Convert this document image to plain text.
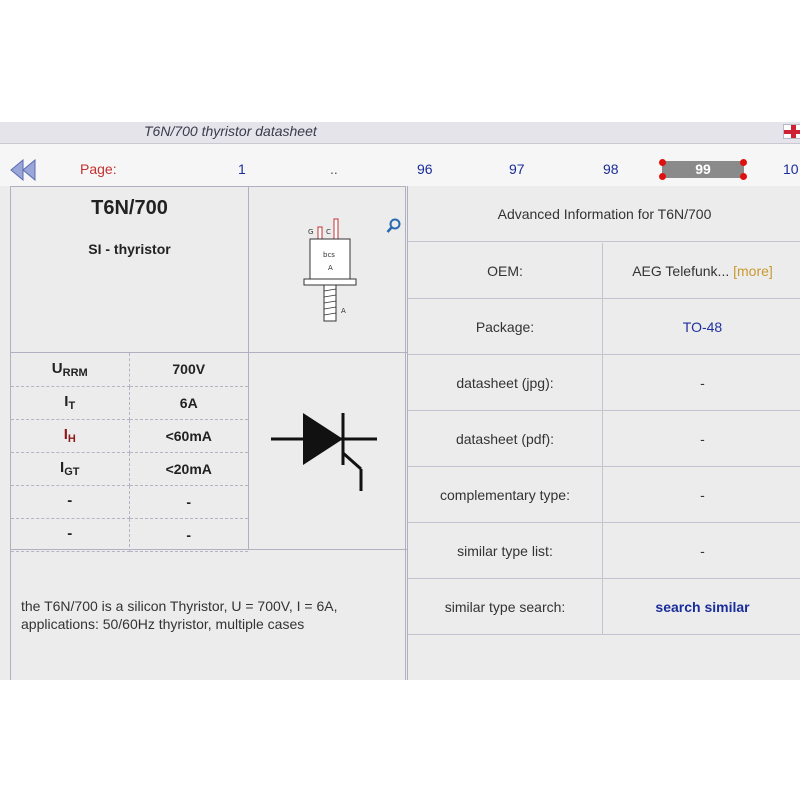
T6N/700 thyristor datasheet
Page:	1	..	96	97	98	99	10
T6N/700
SI - thyristor
G C
bcs
A
A
$U_{RRM}$	700V
$I_T$	6A
$I_H$	<60mA
$I_{GT}$	<20mA
-	-
-	-
the T6N/700 is a silicon Thyristor, U = 700V, I = 6A, applications: 50/60Hz thyristor, multiple cases
Advanced Information for T6N/700
OEM:	AEG Telefunk... [more]
Package:	TO-48
datasheet (jpg):	-
datasheet (pdf):	-
complementary type:	-
similar type list:	-
similar type search:	search similar
